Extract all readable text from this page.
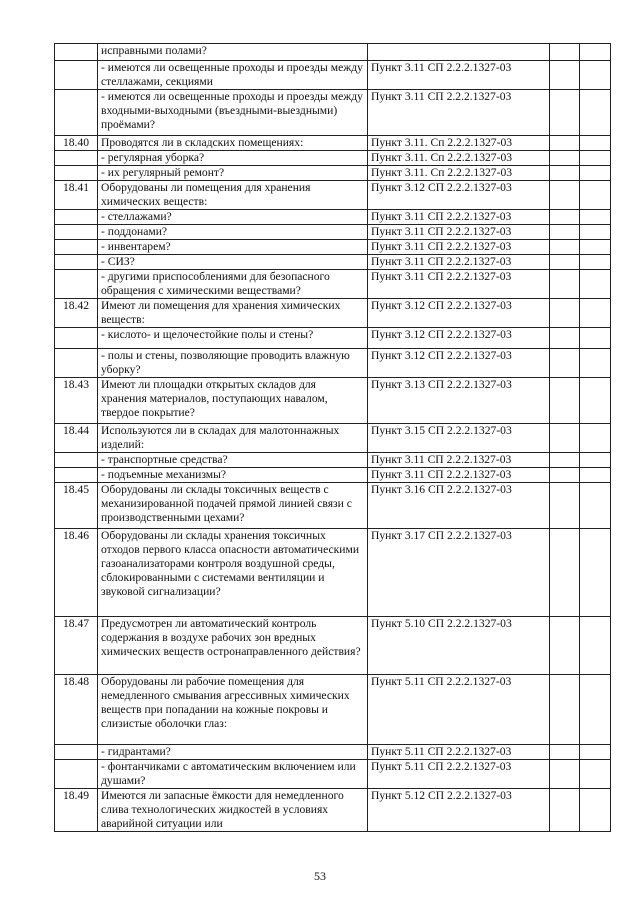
	исправными полами?			
	- имеются ли освещенные проходы и проезды между стеллажами, секциями	Пункт 3.11 СП 2.2.2.1327-03		
	- имеются ли освещенные проходы и проезды между входными-выходными (въездными-выездными) проёмами?	Пункт 3.11 СП 2.2.2.1327-03		
18.40	Проводятся ли в складских помещениях:	Пункт 3.11. Сп 2.2.2.1327-03		
	- регулярная уборка?	Пункт 3.11. Сп 2.2.2.1327-03		
	- их регулярный ремонт?	Пункт 3.11. Сп 2.2.2.1327-03		
18.41	Оборудованы ли помещения для хранения химических веществ:	Пункт 3.12 СП 2.2.2.1327-03		
	- стеллажами?	Пункт 3.11 СП 2.2.2.1327-03		
	- поддонами?	Пункт 3.11 СП 2.2.2.1327-03		
	- инвентарем?	Пункт 3.11 СП 2.2.2.1327-03		
	- СИЗ?	Пункт 3.11 СП 2.2.2.1327-03		
	- другими приспособлениями для безопасного обращения с химическими веществами?	Пункт 3.11 СП 2.2.2.1327-03		
18.42	Имеют ли помещения для хранения химических веществ:	Пункт 3.12 СП 2.2.2.1327-03		
	- кислото- и щелочестойкие полы и стены?	Пункт 3.12 СП 2.2.2.1327-03		
	- полы и стены, позволяющие проводить влажную уборку?	Пункт 3.12 СП 2.2.2.1327-03		
18.43	Имеют ли площадки открытых складов для хранения материалов, поступающих навалом, твердое покрытие?	Пункт 3.13 СП 2.2.2.1327-03		
18.44	Используются ли в складах для малотоннажных изделий:	Пункт 3.15 СП 2.2.2.1327-03		
	- транспортные средства?	Пункт 3.11 СП 2.2.2.1327-03		
	- подъемные механизмы?	Пункт 3.11 СП 2.2.2.1327-03		
18.45	Оборудованы ли склады токсичных веществ с механизированной подачей прямой линией связи с производственными цехами?	Пункт 3.16 СП 2.2.2.1327-03		
18.46	Оборудованы ли склады хранения токсичных отходов первого класса опасности автоматическими газоанализаторами контроля воздушной среды, сблокированными с системами вентиляции и звуковой сигнализации?	Пункт 3.17 СП 2.2.2.1327-03		
18.47	Предусмотрен ли автоматический контроль содержания в воздухе рабочих зон вредных химических веществ остронаправленного действия?	Пункт 5.10 СП 2.2.2.1327-03		
18.48	Оборудованы ли рабочие помещения для немедленного смывания агрессивных химических веществ при попадании на кожные покровы и слизистые оболочки глаз:	Пункт 5.11 СП 2.2.2.1327-03		
	- гидрантами?	Пункт 5.11 СП 2.2.2.1327-03		
	- фонтанчиками с автоматическим включением или душами?	Пункт 5.11 СП 2.2.2.1327-03		
18.49	Имеются ли запасные ёмкости для немедленного слива технологических жидкостей в условиях аварийной ситуации или	Пункт 5.12 СП 2.2.2.1327-03		
53
